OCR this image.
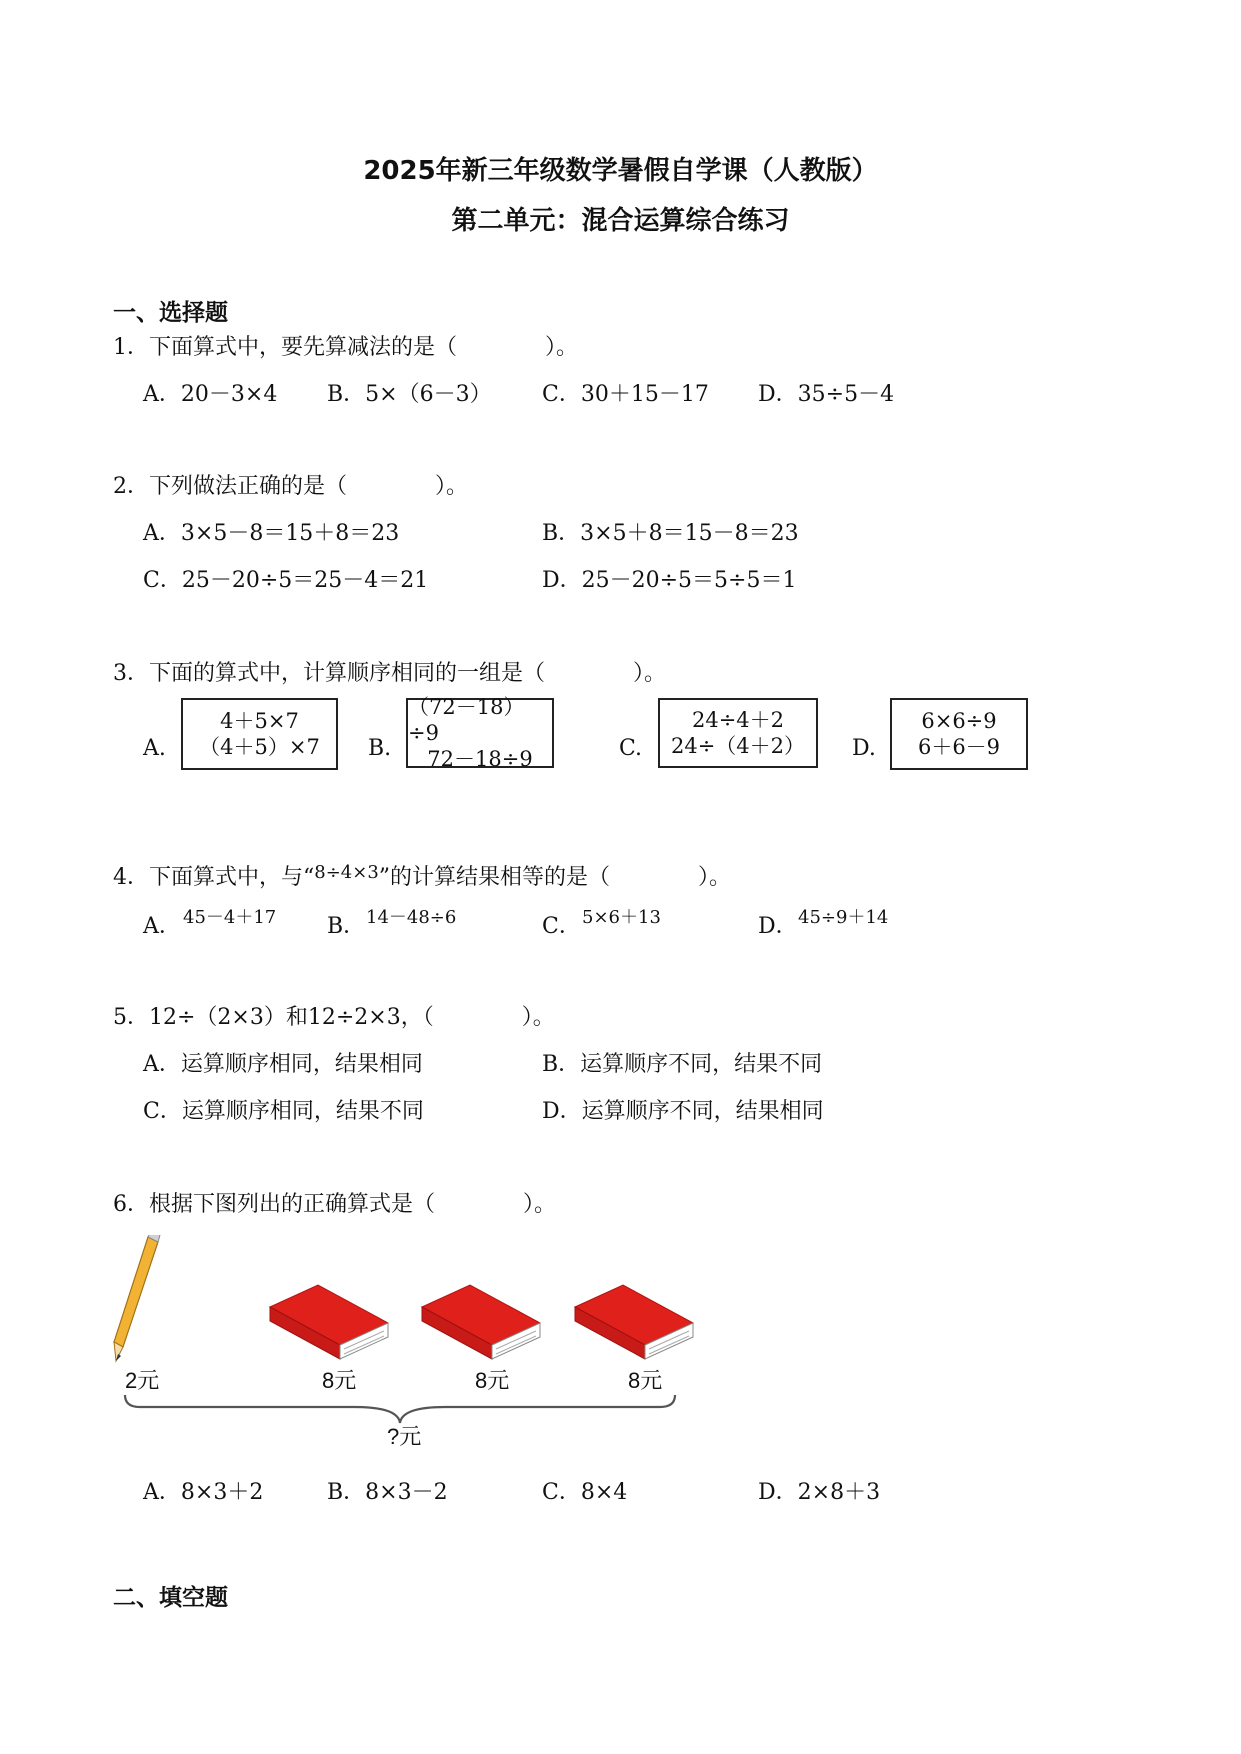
2025年新三年级数学暑假自学课（人教版）
第二单元：混合运算综合练习
一、选择题
1．下面算式中，要先算减法的是（　　　　）。
A．20－3×4 B．5×（6－3） C．30＋15－17 D．35÷5－4
2．下列做法正确的是（　　　　）。
A．3×5－8＝15＋8＝23	B．3×5＋8＝15－8＝23
C．25－20÷5＝25－4＝21	D．25－20÷5＝5÷5＝1
3．下面的算式中，计算顺序相同的一组是（　　　　）。
A.
4＋5×7
（4＋5）×7 B.
（72－18）÷9
72－18÷9	C.
24÷4＋2
24÷（4＋2） D.
6×6÷9
6＋6－9
4．下面算式中，与“$^{8\div 4\times 3}$”的计算结果相等的是（　　　　）。
A． 45－4＋17 B． 14－48÷6	C． 5×6＋13	D． 45÷9＋14
5．12÷（2×3）和12÷2×3，（　　　　）。
A．运算顺序相同，结果相同	B．运算顺序不同，结果不同
C．运算顺序相同，结果不同	D．运算顺序不同，结果相同
6．根据下图列出的正确算式是（　　　　）。
2元	8元	8元	8元
?元
A．8×3＋2	B．8×3－2	C．8×4	D．2×8＋3
二、填空题
